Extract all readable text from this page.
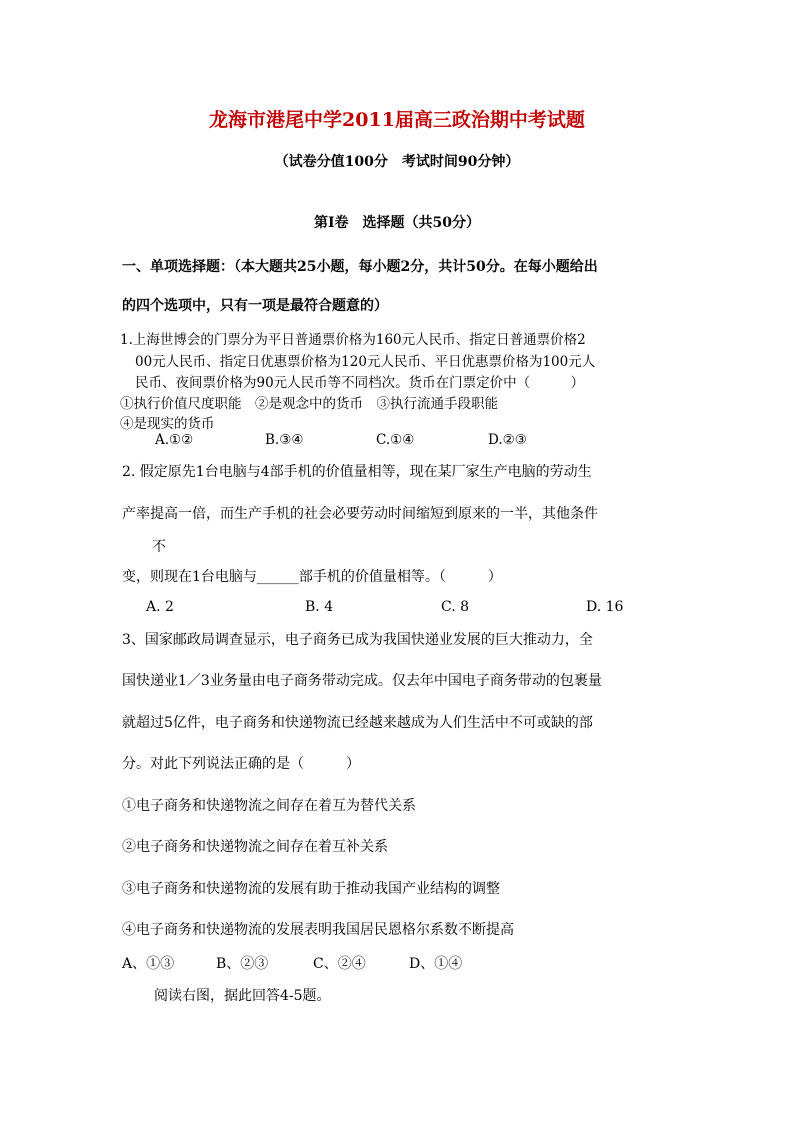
龙海市港尾中学2011届高三政治期中考试题
（试卷分值100分　考试时间90分钟）
第Ⅰ卷　选择题（共50分）
一、单项选择题：（本大题共25小题，每小题2分，共计50分。在每小题给出
的四个选项中，只有一项是最符合题意的）
1.上海世博会的门票分为平日普通票价格为160元人民币、指定日普通票价格2
00元人民币、指定日优惠票价格为120元人民币、平日优惠票价格为100元人
民币、夜间票价格为90元人民币等不同档次。货币在门票定价中（　　　）
①执行价值尺度职能　②是观念中的货币　③执行流通手段职能
④是现实的货币
A.①②	B.③④	C.①④	D.②③
2. 假定原先1台电脑与4部手机的价值量相等，现在某厂家生产电脑的劳动生
产率提高一倍，而生产手机的社会必要劳动时间缩短到原来的一半，其他条件
不
变，则现在1台电脑与______部手机的价值量相等。（　　　）
A. 2	B. 4	C. 8	D. 16
3、国家邮政局调查显示，电子商务已成为我国快递业发展的巨大推动力，全
国快递业1／3业务量由电子商务带动完成。仅去年中国电子商务带动的包裹量
就超过5亿件，电子商务和快递物流已经越来越成为人们生活中不可或缺的部
分。对此下列说法正确的是（　　　）
①电子商务和快递物流之间存在着互为替代关系
②电子商务和快递物流之间存在着互补关系
③电子商务和快递物流的发展有助于推动我国产业结构的调整
④电子商务和快递物流的发展表明我国居民恩格尔系数不断提高
A、①③	B、②③	C、②④	D、①④
阅读右图，据此回答4-5题。
